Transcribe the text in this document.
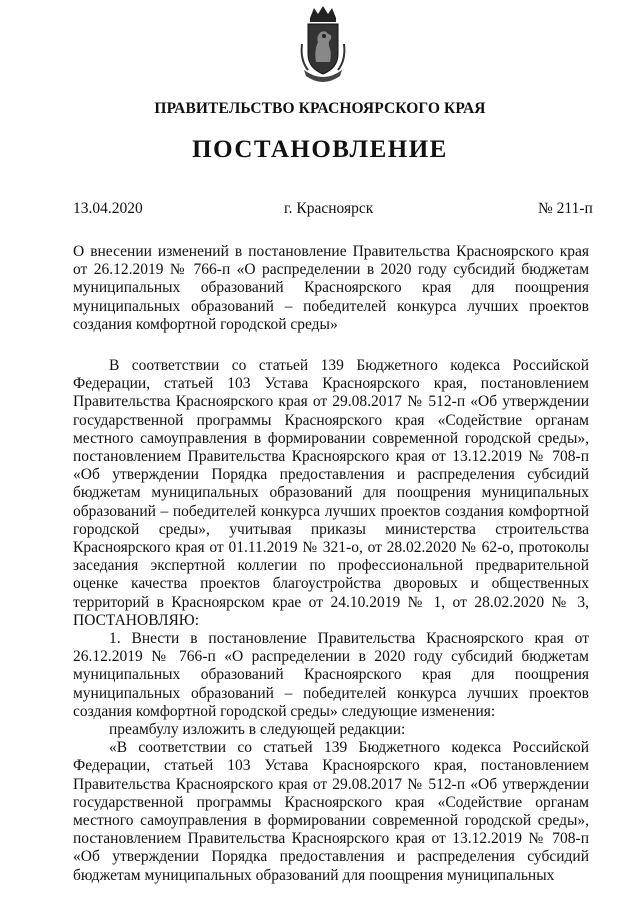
ПРАВИТЕЛЬСТВО КРАСНОЯРСКОГО КРАЯ
ПОСТАНОВЛЕНИЕ
13.04.2020	г. Красноярск	№ 211-п
О внесении изменений в постановление Правительства Красноярского края от 26.12.2019 № 766-п «О распределении в 2020 году субсидий бюджетам муниципальных образований Красноярского края для поощрения муниципальных образований – победителей конкурса лучших проектов создания комфортной городской среды»

В соответствии со статьей 139 Бюджетного кодекса Российской Федерации, статьей 103 Устава Красноярского края, постановлением Правительства Красноярского края от 29.08.2017 № 512-п «Об утверждении государственной программы Красноярского края «Содействие органам местного самоуправления в формировании современной городской среды», постановлением Правительства Красноярского края от 13.12.2019 № 708-п «Об утверждении Порядка предоставления и распределения субсидий бюджетам муниципальных образований для поощрения муниципальных образований – победителей конкурса лучших проектов создания комфортной городской среды», учитывая приказы министерства строительства Красноярского края от 01.11.2019 № 321-о, от 28.02.2020 № 62-о, протоколы заседания экспертной коллегии по профессиональной предварительной оценке качества проектов благоустройства дворовых и общественных территорий в Красноярском крае от 24.10.2019 № 1, от 28.02.2020 № 3, ПОСТАНОВЛЯЮ:

1. Внести в постановление Правительства Красноярского края от 26.12.2019 № 766-п «О распределении в 2020 году субсидий бюджетам муниципальных образований Красноярского края для поощрения муниципальных образований – победителей конкурса лучших проектов создания комфортной городской среды» следующие изменения:

преамбулу изложить в следующей редакции:

«В соответствии со статьей 139 Бюджетного кодекса Российской Федерации, статьей 103 Устава Красноярского края, постановлением Правительства Красноярского края от 29.08.2017 № 512-п «Об утверждении государственной программы Красноярского края «Содействие органам местного самоуправления в формировании современной городской среды», постановлением Правительства Красноярского края от 13.12.2019 № 708-п «Об утверждении Порядка предоставления и распределения субсидий бюджетам муниципальных образований для поощрения муниципальных
